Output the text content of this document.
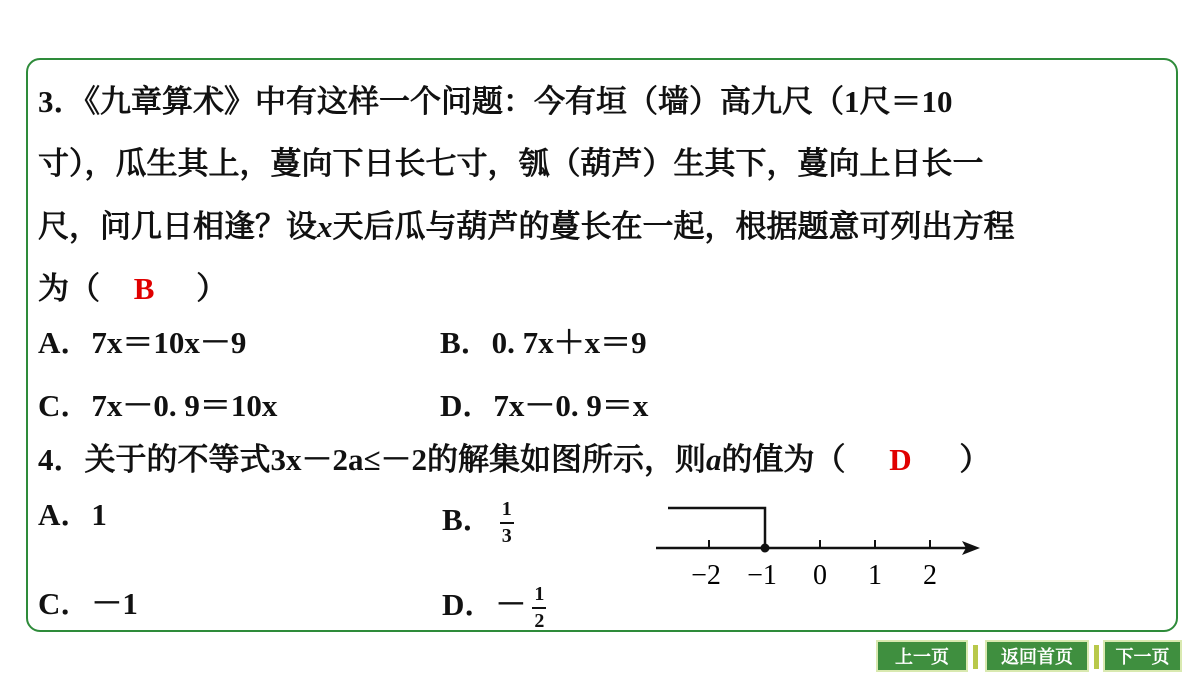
3．《九章算术》中有这样一个问题：今有垣（墙）高九尺（1尺＝10
寸），瓜生其上，蔓向下日长七寸，瓠（葫芦）生其下，蔓向上日长一
尺，问几日相逢？设x天后瓜与葫芦的蔓长在一起，根据题意可列出方程
为（ B ）
A．7x＝10x－9	B．0. 7x＋x＝9
C．7x－0. 9＝10x	D．7x－0. 9＝x
4．关于的不等式3x－2a≤－2的解集如图所示，则a的值为（ D ）
A．1	B． $\frac{1}{3}$
C．－1	D．－ $\frac{1}{2}$
−2 −1 0 1 2
上一页	返回首页 下一页
